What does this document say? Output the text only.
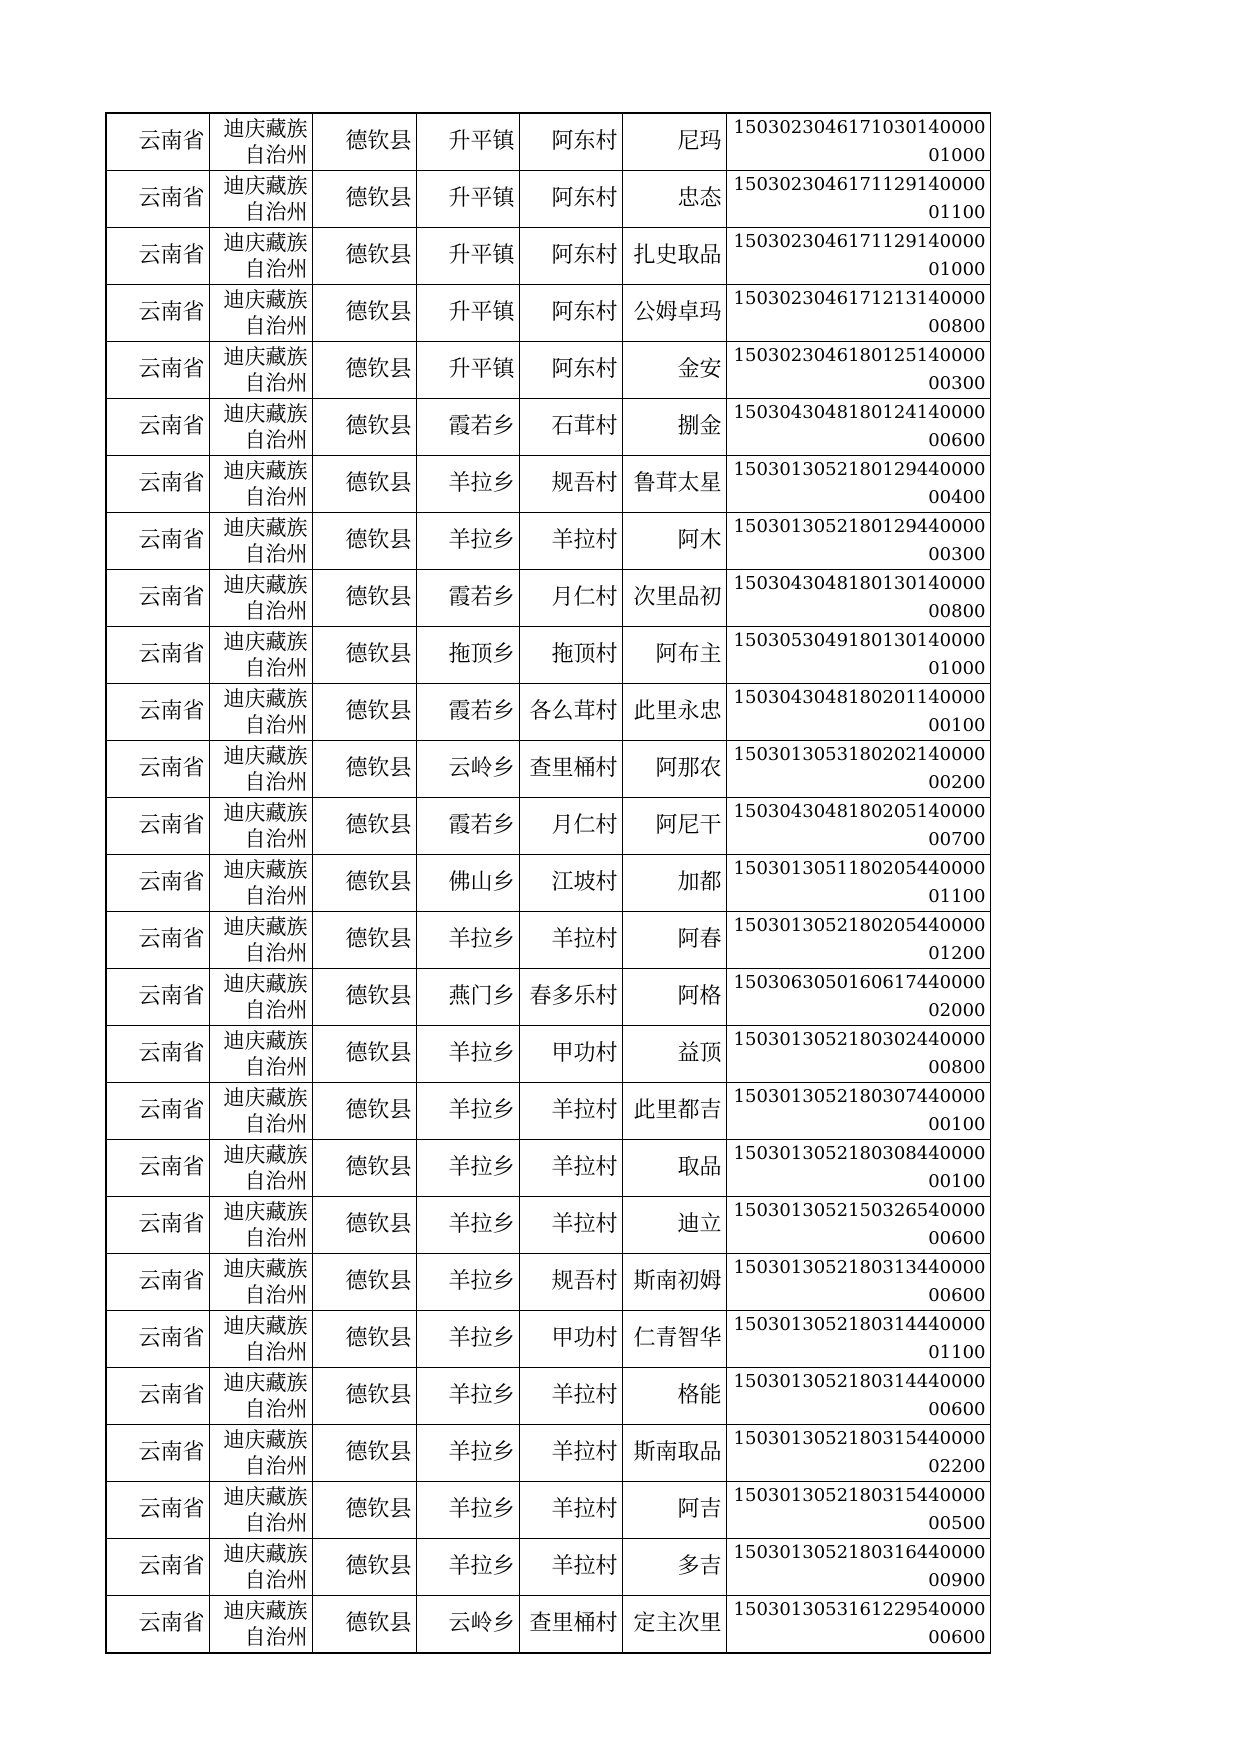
云南省	迪庆藏族自治州	德钦县	升平镇	阿东村	尼玛	150302304617103014000001000
云南省	迪庆藏族自治州	德钦县	升平镇	阿东村	忠态	150302304617112914000001100
云南省	迪庆藏族自治州	德钦县	升平镇	阿东村	扎史取品	150302304617112914000001000
云南省	迪庆藏族自治州	德钦县	升平镇	阿东村	公姆卓玛	150302304617121314000000800
云南省	迪庆藏族自治州	德钦县	升平镇	阿东村	金安	150302304618012514000000300
云南省	迪庆藏族自治州	德钦县	霞若乡	石茸村	捌金	150304304818012414000000600
云南省	迪庆藏族自治州	德钦县	羊拉乡	规吾村	鲁茸太星	150301305218012944000000400
云南省	迪庆藏族自治州	德钦县	羊拉乡	羊拉村	阿木	150301305218012944000000300
云南省	迪庆藏族自治州	德钦县	霞若乡	月仁村	次里品初	150304304818013014000000800
云南省	迪庆藏族自治州	德钦县	拖顶乡	拖顶村	阿布主	150305304918013014000001000
云南省	迪庆藏族自治州	德钦县	霞若乡	各么茸村	此里永忠	150304304818020114000000100
云南省	迪庆藏族自治州	德钦县	云岭乡	查里桶村	阿那农	150301305318020214000000200
云南省	迪庆藏族自治州	德钦县	霞若乡	月仁村	阿尼干	150304304818020514000000700
云南省	迪庆藏族自治州	德钦县	佛山乡	江坡村	加都	150301305118020544000001100
云南省	迪庆藏族自治州	德钦县	羊拉乡	羊拉村	阿春	150301305218020544000001200
云南省	迪庆藏族自治州	德钦县	燕门乡	春多乐村	阿格	150306305016061744000002000
云南省	迪庆藏族自治州	德钦县	羊拉乡	甲功村	益顶	150301305218030244000000800
云南省	迪庆藏族自治州	德钦县	羊拉乡	羊拉村	此里都吉	150301305218030744000000100
云南省	迪庆藏族自治州	德钦县	羊拉乡	羊拉村	取品	150301305218030844000000100
云南省	迪庆藏族自治州	德钦县	羊拉乡	羊拉村	迪立	150301305215032654000000600
云南省	迪庆藏族自治州	德钦县	羊拉乡	规吾村	斯南初姆	150301305218031344000000600
云南省	迪庆藏族自治州	德钦县	羊拉乡	甲功村	仁青智华	150301305218031444000001100
云南省	迪庆藏族自治州	德钦县	羊拉乡	羊拉村	格能	150301305218031444000000600
云南省	迪庆藏族自治州	德钦县	羊拉乡	羊拉村	斯南取品	150301305218031544000002200
云南省	迪庆藏族自治州	德钦县	羊拉乡	羊拉村	阿吉	150301305218031544000000500
云南省	迪庆藏族自治州	德钦县	羊拉乡	羊拉村	多吉	150301305218031644000000900
云南省	迪庆藏族自治州	德钦县	云岭乡	查里桶村	定主次里	150301305316122954000000600
